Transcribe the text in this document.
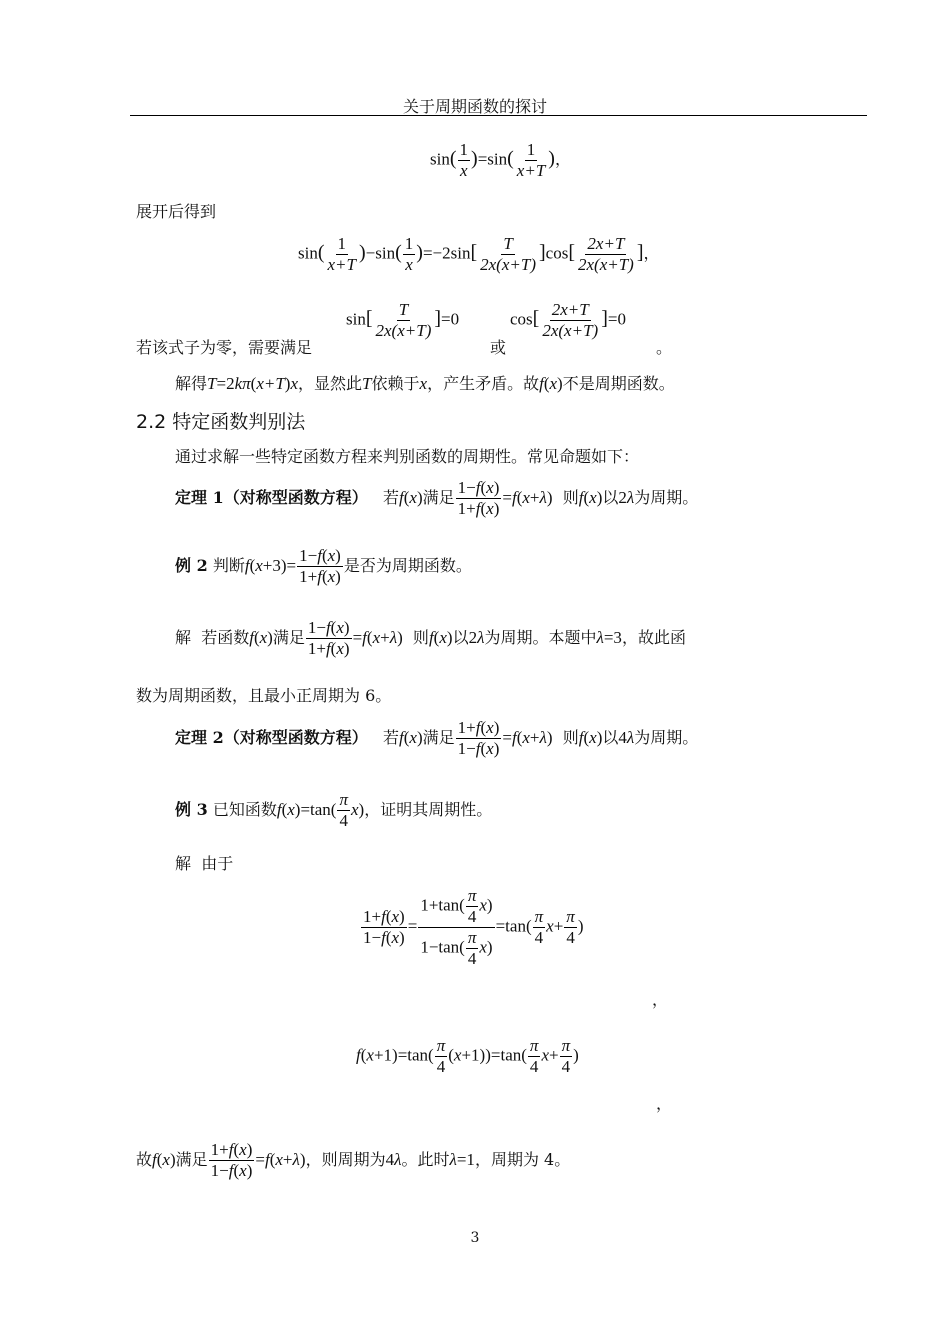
关于周期函数的探讨
$\sin( \frac{1}{x} )=\sin( \frac{1}{x+T}$ )，
展开后得到
$\sin( \frac{1}{x+T} )-\sin( \frac{1}{x} )=-2\sin[ \frac{T}{2x(x+T)} ]\cos[ \frac{2x+T}{2x(x+T)}$ ]，
若该式子为零，需要满足
$\sin[ \frac{T}{2x(x+T)} ]=0$
或
$\cos[ \frac{2x+T}{2x(x+T)} ]=0$
。
解得T=2kπ(x+T)x，显然此T依赖于x，产生矛盾。故f(x)不是周期函数。
2.2 特定函数判别法
通过求解一些特定函数方程来判别函数的周期性。常见命题如下：
定理 1（对称型函数方程） 若f(x)满足 $\frac{1-f(x)}{1+f(x)} =f(x+\lambda)$ 则f(x)以2λ为周期。
例 2 判断$f(x+3)= \frac{1-f(x)}{1+f(x)}$ 是否为周期函数。
解 若函数f(x)满足 $\frac{1-f(x)}{1+f(x)} =f(x+\lambda)$ 则f(x)以2λ为周期。本题中λ=3，故此函
数为周期函数，且最小正周期为 6。
定理 2（对称型函数方程） 若f(x)满足 $\frac{1+f(x)}{1-f(x)} =f(x+\lambda)$ 则f(x)以4λ为周期。
例 3 已知函数$f(x)=\tan( \frac{\pi}{4} x)$，证明其周期性。
解 由于
$\frac{1+f(x)}{1-f(x)} = \frac{1+\tan( \frac{\pi}{4} x)}{1-\tan( \frac{\pi}{4} x)} =\tan( \frac{\pi}{4} x+ \frac{\pi}{4}$ )
，
$f(x+1)=\tan( \frac{\pi}{4} (x+1))=\tan( \frac{\pi}{4} x+ \frac{\pi}{4}$ )
，
故f(x)满足 $\frac{1+f(x)}{1-f(x)} =f(x+\lambda)$，则周期为4λ。此时λ=1，周期为 4。
3
